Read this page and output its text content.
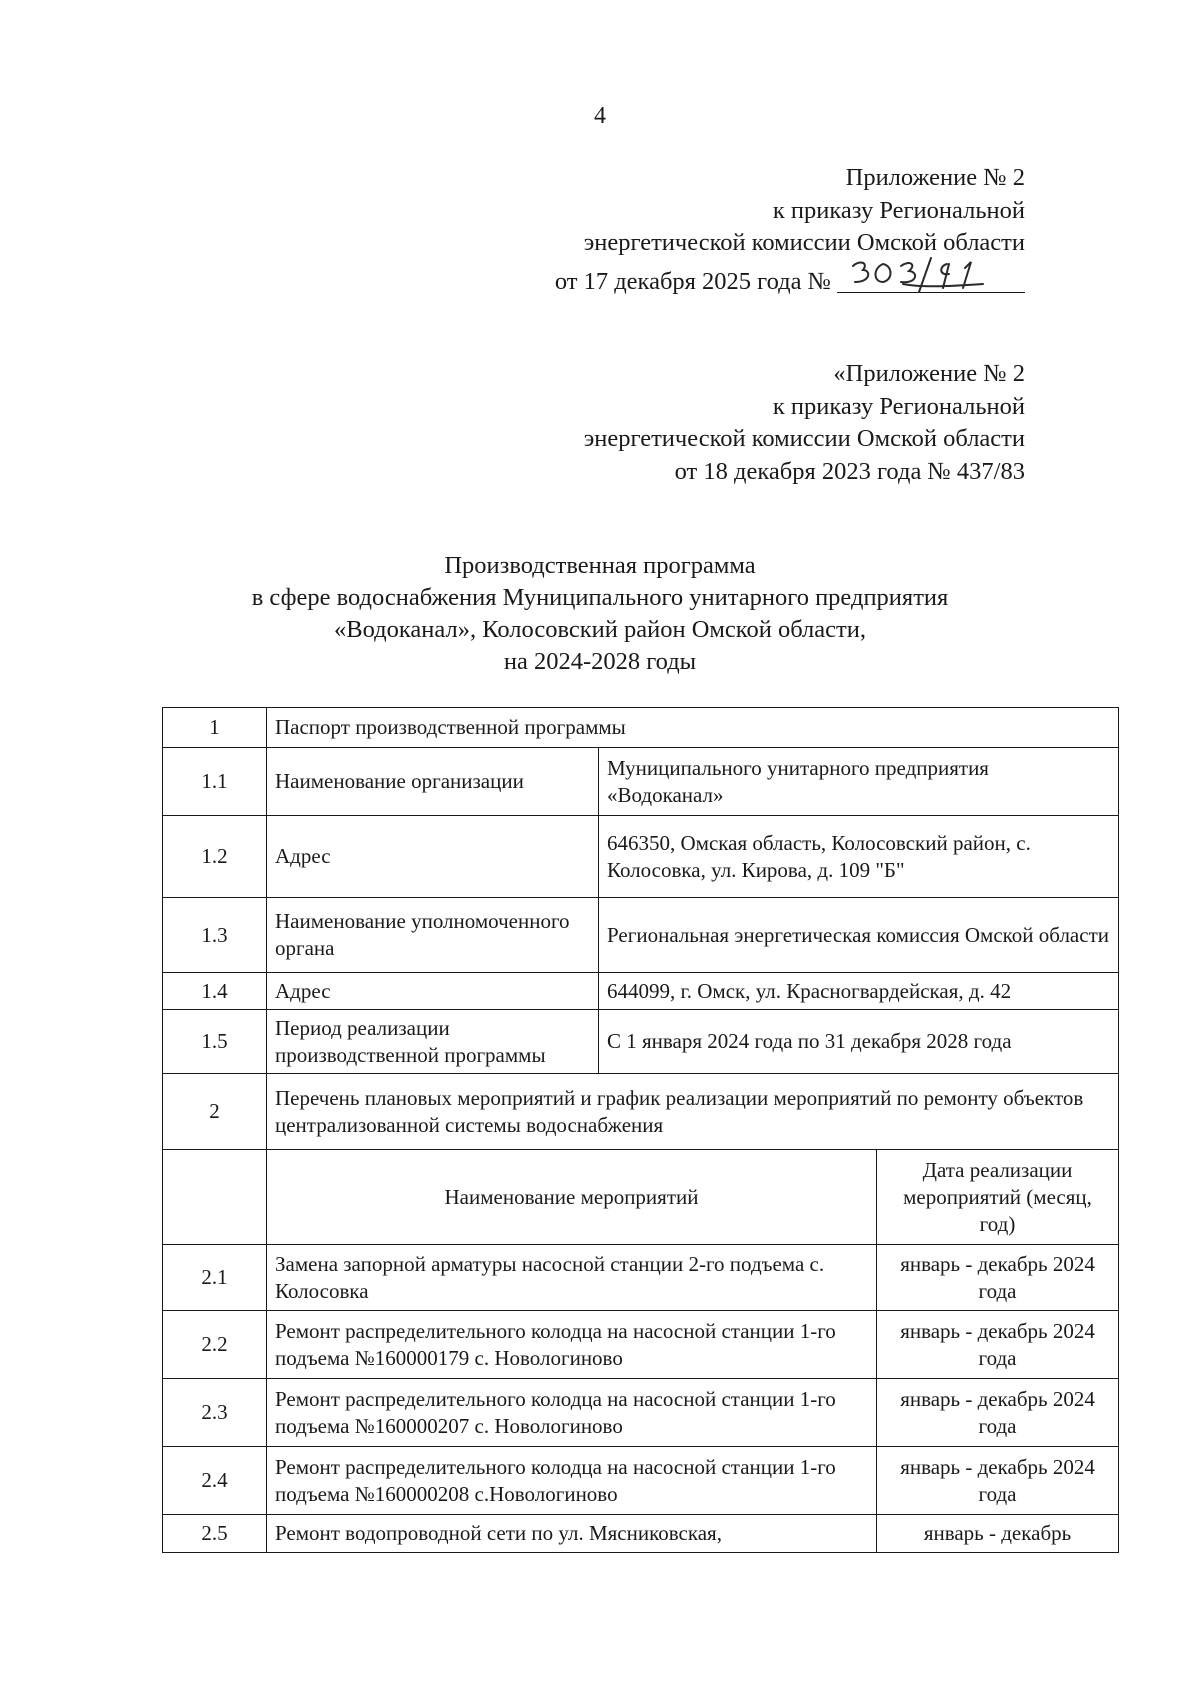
4
Приложение № 2
к приказу Региональной
энергетической комиссии Омской области
от 17 декабря 2025 года №
«Приложение № 2
к приказу Региональной
энергетической комиссии Омской области
от 18 декабря 2023 года № 437/83
Производственная программа
в сфере водоснабжения Муниципального унитарного предприятия
«Водоканал», Колосовский район Омской области,
на 2024-2028 годы
1	Паспорт производственной программы		
1.1	Наименование организации	Муниципального унитарного предприятия «Водоканал»	
1.2	Адрес	646350, Омская область, Колосовский район, с. Колосовка, ул. Кирова, д. 109 "Б"	
1.3	Наименование уполномоченного органа	Региональная энергетическая комиссия Омской области	
1.4	Адрес	644099, г. Омск, ул. Красногвардейская, д. 42	
1.5	Период реализации производственной программы	С 1 января 2024 года по 31 декабря 2028 года	
2	Перечень плановых мероприятий и график реализации мероприятий по ремонту объектов централизованной системы водоснабжения		
	Наименование мероприятий		Дата реализации мероприятий (месяц, год)
2.1	Замена запорной арматуры насосной станции 2-го подъема с. Колосовка		январь - декабрь 2024 года
2.2	Ремонт распределительного колодца на насосной станции 1-го подъема №160000179 с. Новологиново		январь - декабрь 2024 года
2.3	Ремонт распределительного колодца на насосной станции 1-го подъема №160000207 с. Новологиново		январь - декабрь 2024 года
2.4	Ремонт распределительного колодца на насосной станции 1-го подъема №160000208 с.Новологиново		январь - декабрь 2024 года
2.5	Ремонт водопроводной сети по ул. Мясниковская,		январь - декабрь
